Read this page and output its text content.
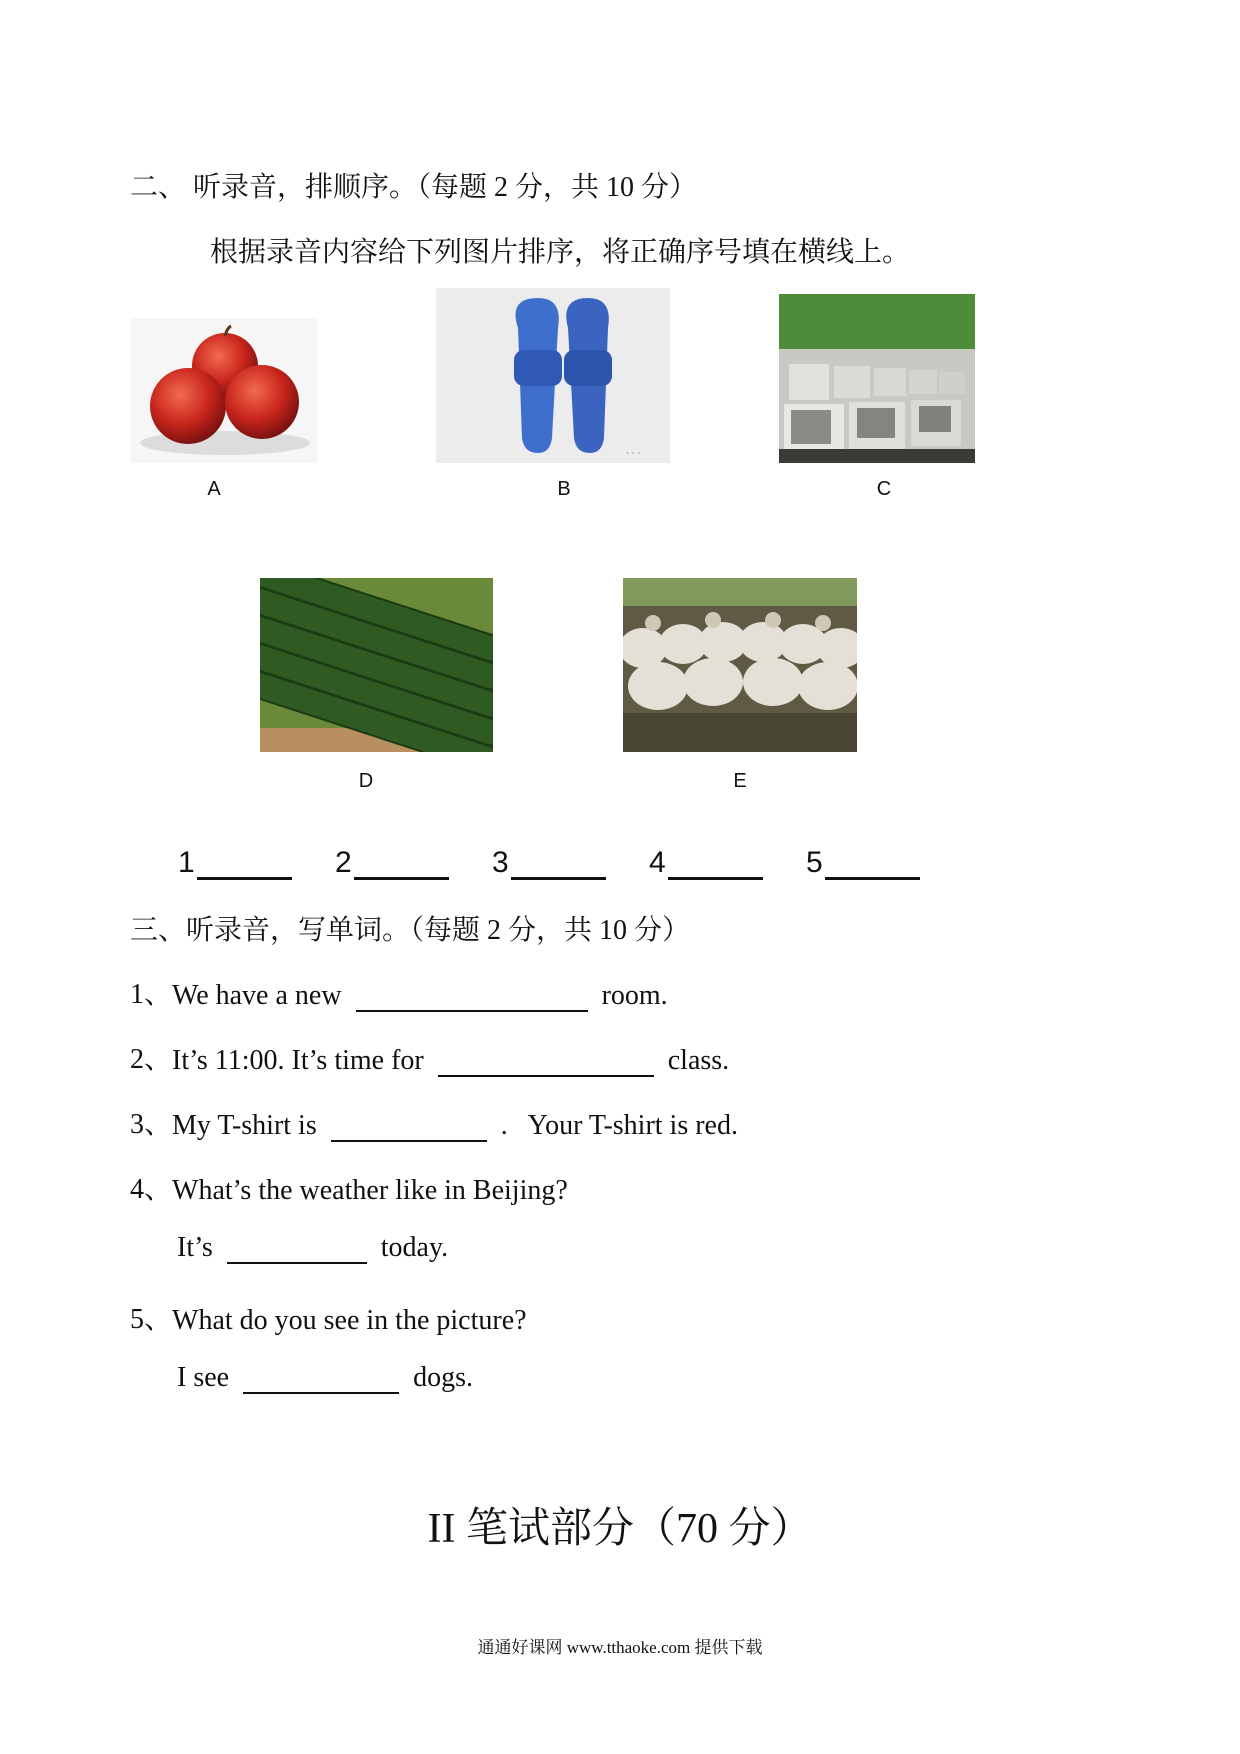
二、 听录音，排顺序。（每题 2 分，共 10 分）
根据录音内容给下列图片排序，将正确序号填在横线上。
A
· · ·
B	C
D	E
1	2	3	4	5
三、听录音，写单词。（每题 2 分，共 10 分）
1、 We have a new	room.
2、 It’s 11:00. It’s time for	class.
3、 My T-shirt is	.   Your T-shirt is red.
4、 What’s the weather like in Beijing?
It’s	today.
5、 What do you see in the picture?
I see	dogs.
II 笔试部分（70 分）
通通好课网 www.tthaoke.com 提供下载
